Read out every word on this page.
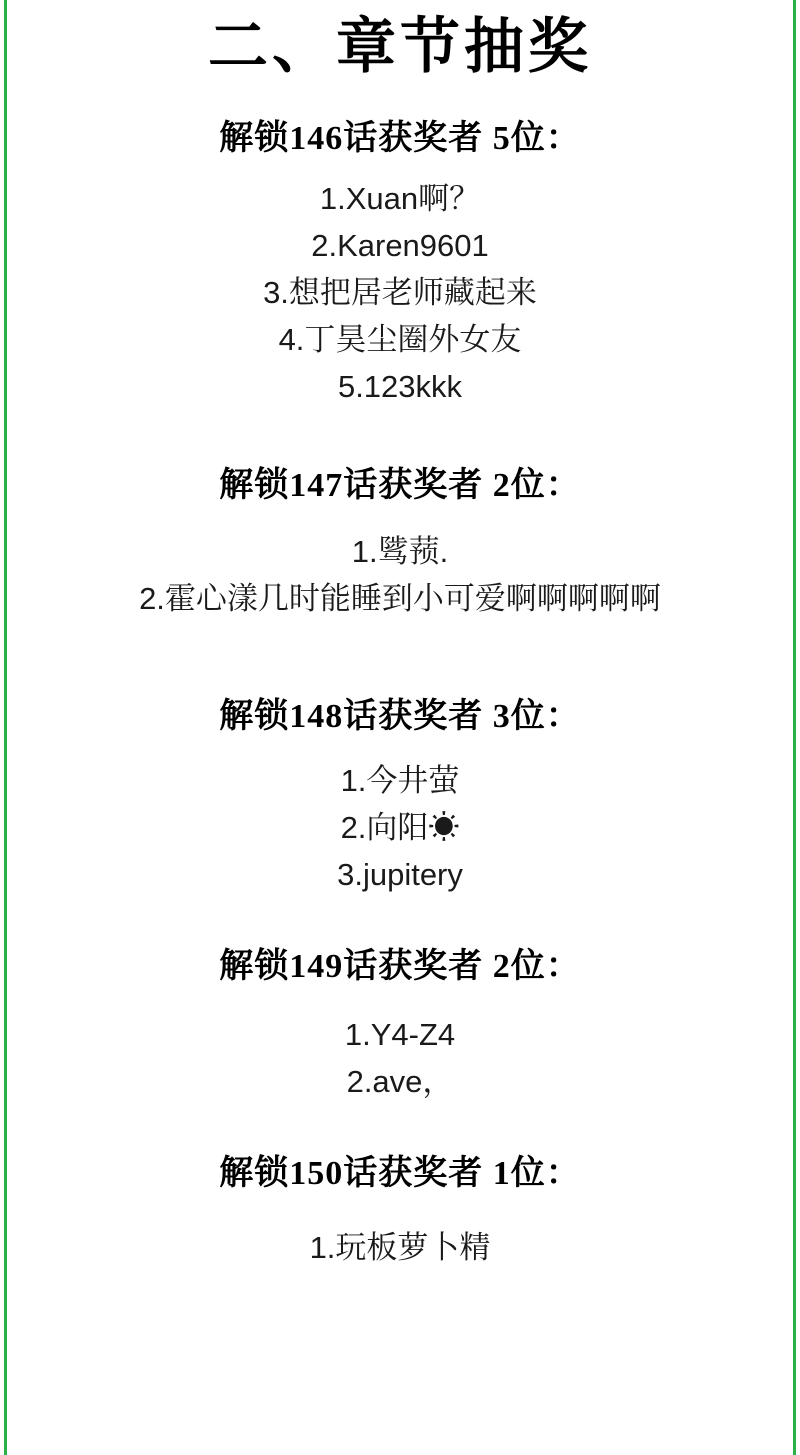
二、章节抽奖
解锁146话获奖者 5位：
1.Xuan啊？
2.Karen9601
3.想把居老师藏起来
4.丁昊尘圈外女友
5.123kkk
解锁147话获奖者 2位：
1.骘蓣.
2.霍心漾几时能睡到小可爱啊啊啊啊啊
解锁148话获奖者 3位：
1.今井萤
2.向阳☀
3.jupitery
解锁149话获奖者 2位：
1.Y4-Z4
2.ave，
解锁150话获奖者 1位：
1.玩板萝卜精
